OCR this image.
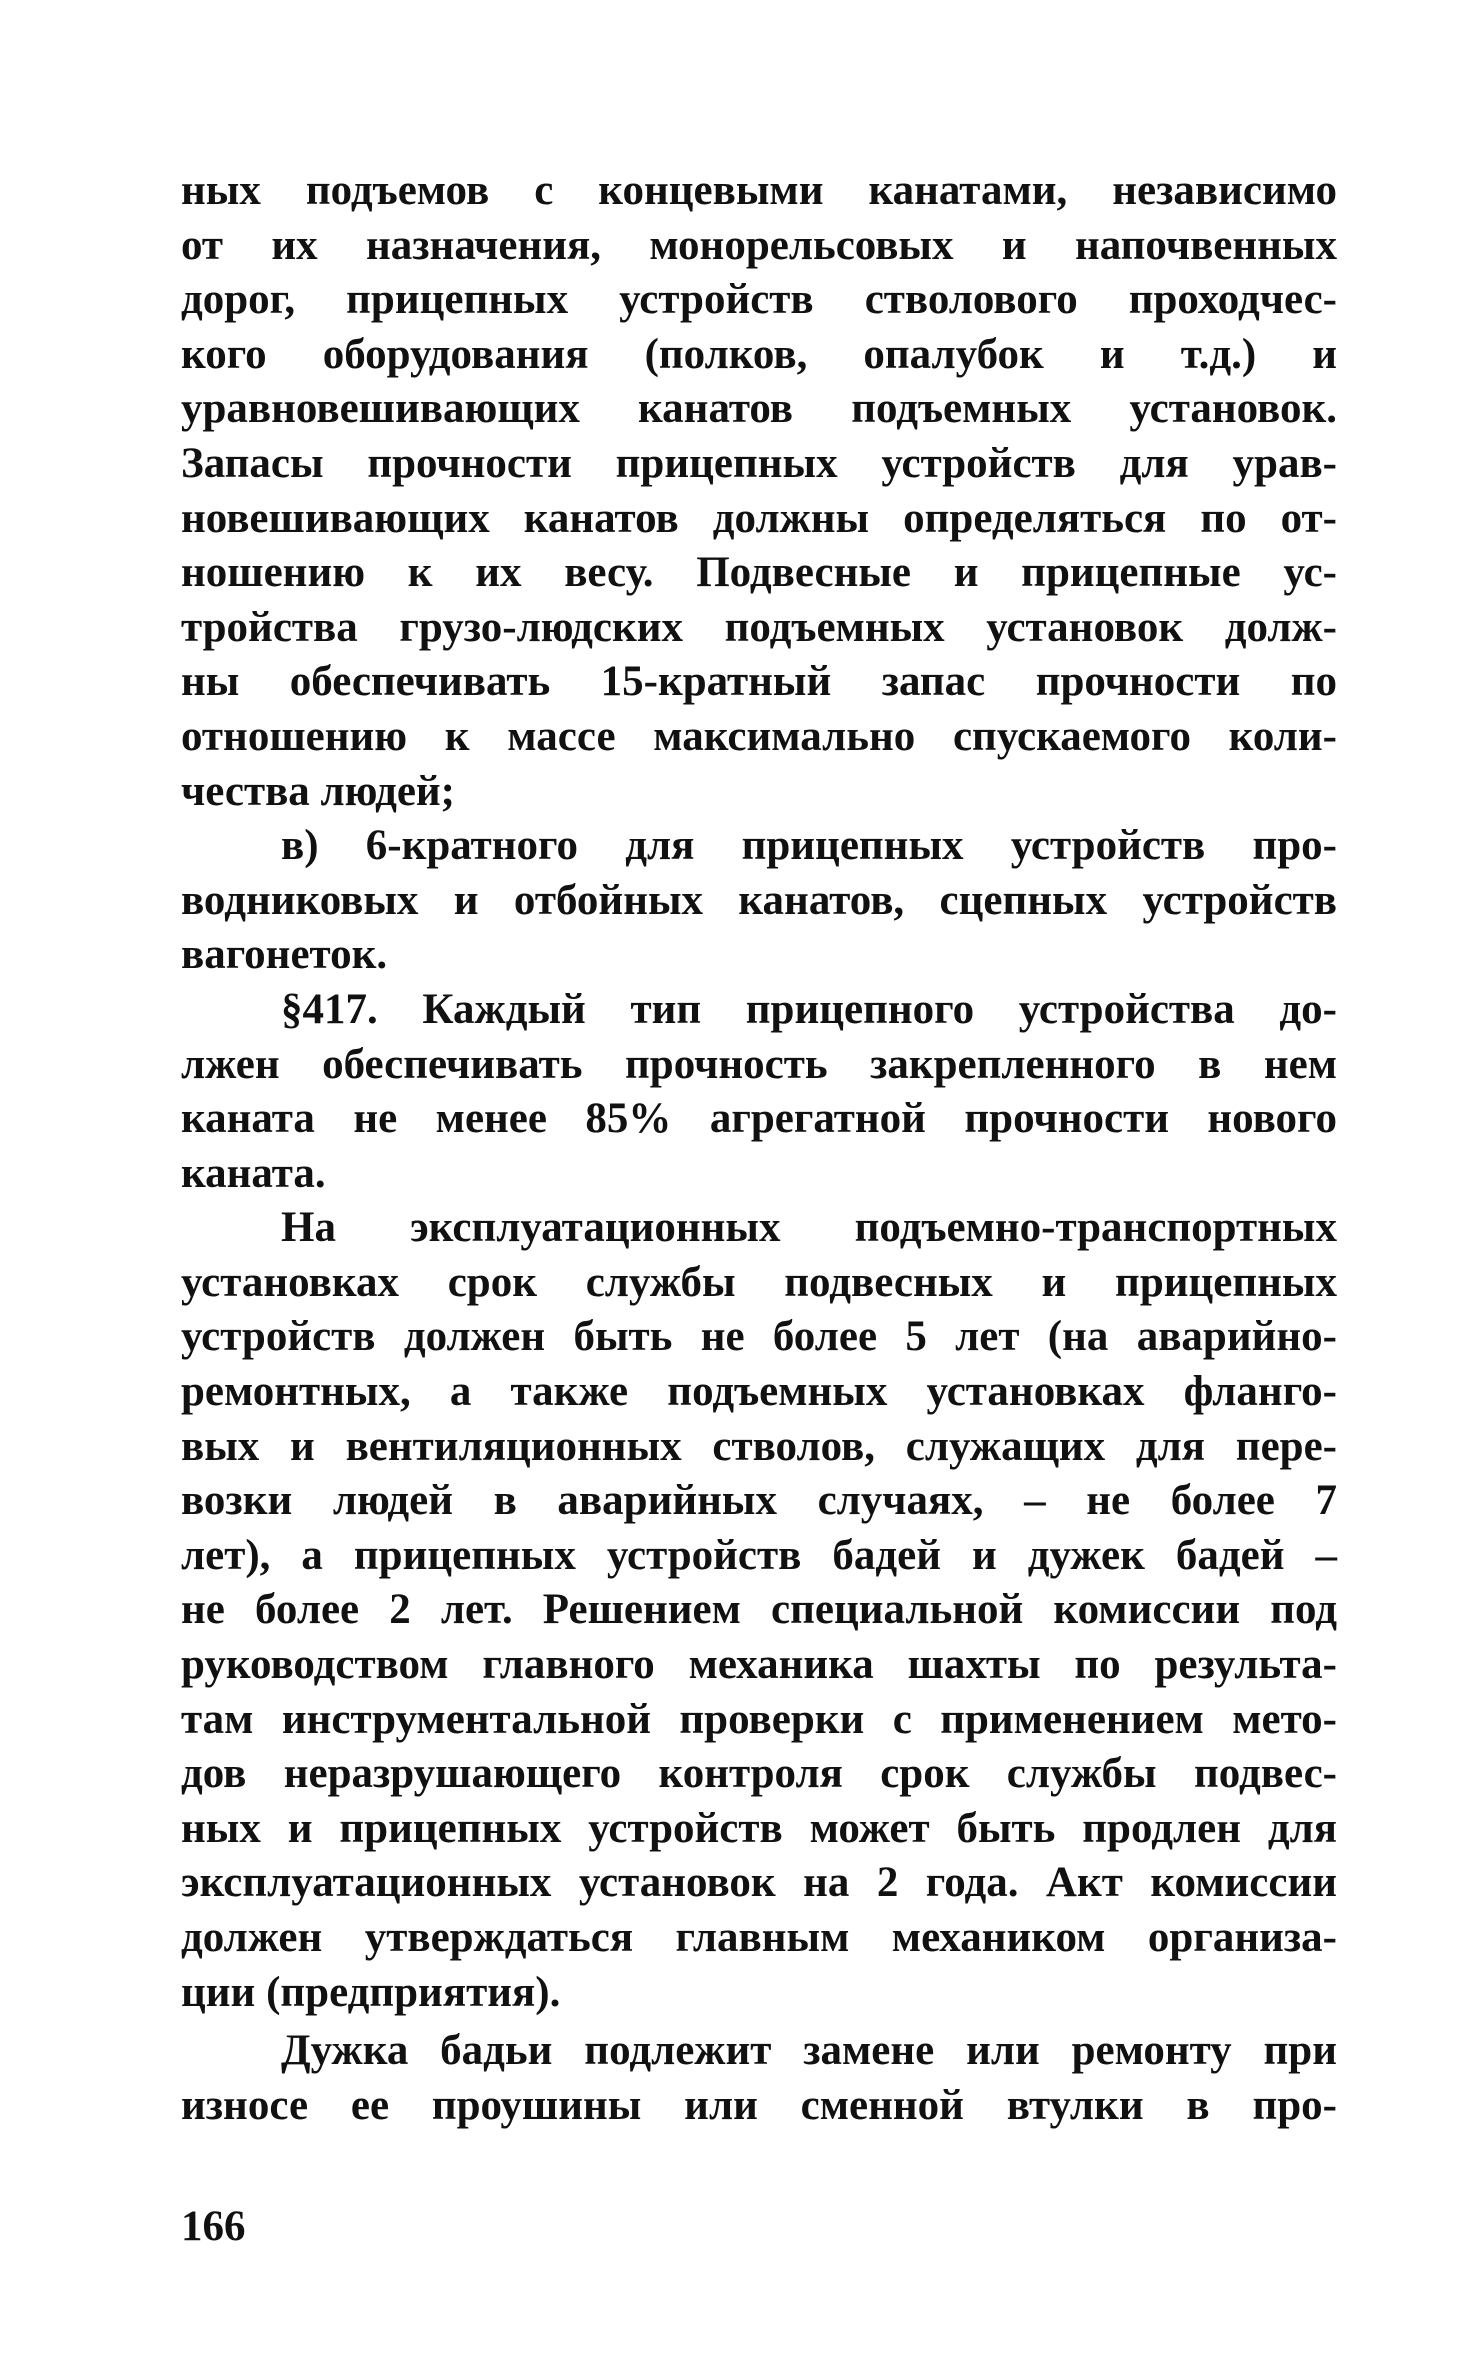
ных подъемов с концевыми канатами, независимо
от их назначения, монорельсовых и напочвенных
дорог, прицепных устройств стволового проходчес-
кого оборудования (полков, опалубок и т.д.) и
уравновешивающих канатов подъемных установок.
Запасы прочности прицепных устройств для урав-
новешивающих канатов должны определяться по от-
ношению к их весу. Подвесные и прицепные ус-
тройства грузо-людских подъемных установок долж-
ны обеспечивать 15-кратный запас прочности по
отношению к массе максимально спускаемого коли-
чества людей;
в) 6-кратного для прицепных устройств про-
водниковых и отбойных канатов, сцепных устройств
вагонеток.
§417. Каждый тип прицепного устройства до-
лжен обеспечивать прочность закрепленного в нем
каната не менее 85% агрегатной прочности нового
каната.
На эксплуатационных подъемно-транспортных
установках срок службы подвесных и прицепных
устройств должен быть не более 5 лет (на аварийно-
ремонтных, а также подъемных установках фланго-
вых и вентиляционных стволов, служащих для пере-
возки людей в аварийных случаях, – не более 7
лет), а прицепных устройств бадей и дужек бадей –
не более 2 лет. Решением специальной комиссии под
руководством главного механика шахты по результа-
там инструментальной проверки с применением мето-
дов неразрушающего контроля срок службы подвес-
ных и прицепных устройств может быть продлен для
эксплуатационных установок на 2 года. Акт комиссии
должен утверждаться главным механиком организа-
ции (предприятия).
Дужка бадьи подлежит замене или ремонту при
износе ее проушины или сменной втулки в про-
166
